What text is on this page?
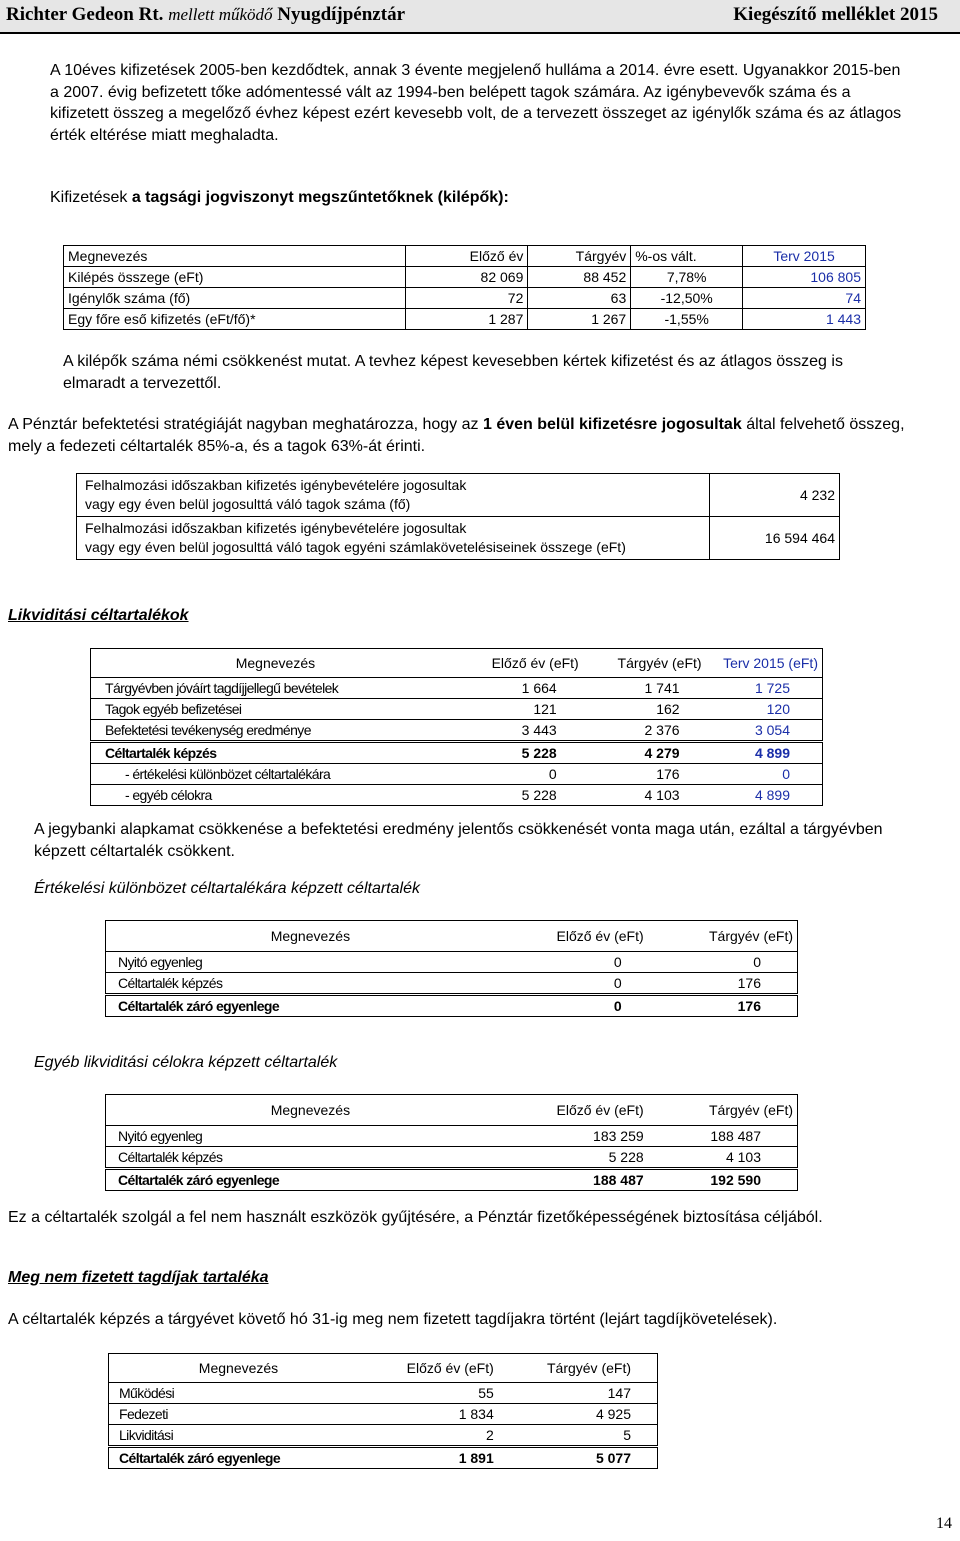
Richter Gedeon Rt. mellett működő Nyugdíjpénztár	Kiegészítő melléklet 2015

A 10éves kifizetések 2005-ben kezdődtek, annak 3 évente megjelenő hulláma a 2014. évre esett. Ugyanakkor 2015-ben a 2007. évig befizetett tőke adómentessé vált az 1994-ben belépett tagok számára. Az igénybevevők száma és a kifizetett összeg a megelőző évhez képest ezért kevesebb volt, de a tervezett összeget az igénylők száma és az átlagos érték eltérése miatt meghaladta.

Kifizetések a tagsági jogviszonyt megszűntetőknek (kilépők):
Megnevezés	Előző év	Tárgyév	%-os vált.	Terv 2015
Kilépés összege (eFt)	82 069	88 452	7,78%	106 805
Igénylők száma (fő)	72	63	-12,50%	74
Egy főre eső kifizetés (eFt/fő)*	1 287	1 267	-1,55%	1 443

A kilépők száma némi csökkenést mutat. A tevhez képest kevesebben kértek kifizetést és az átlagos összeg is elmaradt a tervezettől.

A Pénztár befektetési stratégiáját nagyban meghatározza, hogy az 1 éven belül kifizetésre jogosultak által felvehető összeg, mely a fedezeti céltartalék 85%-a, és a tagok 63%-át érinti.

Felhalmozási időszakban kifizetés igénybevételére jogosultak
vagy egy éven belül jogosulttá váló tagok száma (fő)	4 232

Felhalmozási időszakban kifizetés igénybevételére jogosultak
vagy egy éven belül jogosulttá váló tagok egyéni számlakövetelésiseinek összege (eFt)	16 594 464
Likviditási céltartalékok
Megnevezés	Előző év (eFt)	Tárgyév (eFt)	Terv 2015 (eFt)
Tárgyévben jóváírt tagdíjjellegű bevételek	1 664	1 741	1 725
Tagok egyéb befizetései	121	162	120
Befektetési tevékenység eredménye	3 443	2 376	3 054
Céltartalék képzés	5 228	4 279	4 899
- értékelési különbözet céltartalékára	0	176	0
- egyéb célokra	5 228	4 103	4 899

A jegybanki alapkamat csökkenése a befektetési eredmény jelentős csökkenését vonta maga után, ezáltal a tárgyévben képzett céltartalék csökkent.

Értékelési különbözet céltartalékára képzett céltartalék
Megnevezés	Előző év (eFt)	Tárgyév (eFt)
Nyitó egyenleg	0	0
Céltartalék képzés	0	176
Céltartalék záró egyenlege	0	176
Egyéb likviditási célokra képzett céltartalék
Megnevezés	Előző év (eFt)	Tárgyév (eFt)
Nyitó egyenleg	183 259	188 487
Céltartalék képzés	5 228	4 103
Céltartalék záró egyenlege	188 487	192 590

Ez a céltartalék szolgál a fel nem használt eszközök gyűjtésére, a Pénztár fizetőképességének biztosítása céljából.

Meg nem fizetett tagdíjak tartaléka

A céltartalék képzés a tárgyévet követő hó 31-ig meg nem fizetett tagdíjakra történt (lejárt tagdíjkövetelések).

Megnevezés	Előző év (eFt)	Tárgyév (eFt)
Működési	55	147
Fedezeti	1 834	4 925
Likviditási	2	5
Céltartalék záró egyenlege	1 891	5 077
14
